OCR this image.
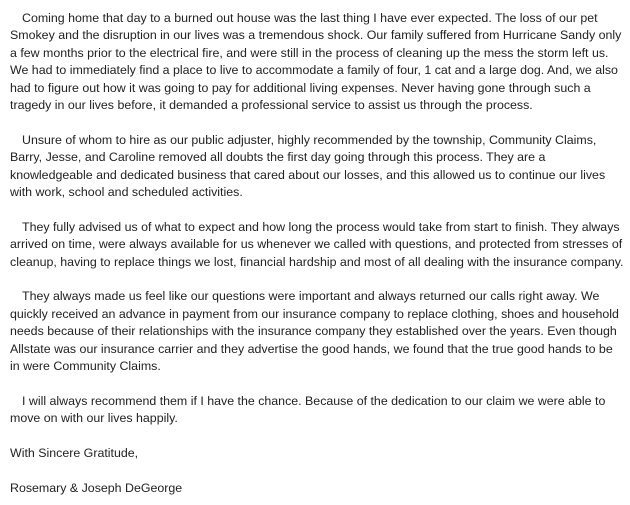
Coming home that day to a burned out house was the last thing I have ever expected. The loss of our pet Smokey and the disruption in our lives was a tremendous shock. Our family suffered from Hurricane Sandy only a few months prior to the electrical fire, and were still in the process of cleaning up the mess the storm left us. We had to immediately find a place to live to accommodate a family of four, 1 cat and a large dog. And, we also had to figure out how it was going to pay for additional living expenses. Never having gone through such a tragedy in our lives before, it demanded a professional service to assist us through the process.

Unsure of whom to hire as our public adjuster, highly recommended by the township, Community Claims, Barry, Jesse, and Caroline removed all doubts the first day going through this process. They are a knowledgeable and dedicated business that cared about our losses, and this allowed us to continue our lives with work, school and scheduled activities.

They fully advised us of what to expect and how long the process would take from start to finish. They always arrived on time, were always available for us whenever we called with questions, and protected from stresses of cleanup, having to replace things we lost, financial hardship and most of all dealing with the insurance company.

They always made us feel like our questions were important and always returned our calls right away. We quickly received an advance in payment from our insurance company to replace clothing, shoes and household needs because of their relationships with the insurance company they established over the years. Even though Allstate was our insurance carrier and they advertise the good hands, we found that the true good hands to be in were Community Claims.

I will always recommend them if I have the chance. Because of the dedication to our claim we were able to move on with our lives happily.

With Sincere Gratitude,

Rosemary & Joseph DeGeorge
